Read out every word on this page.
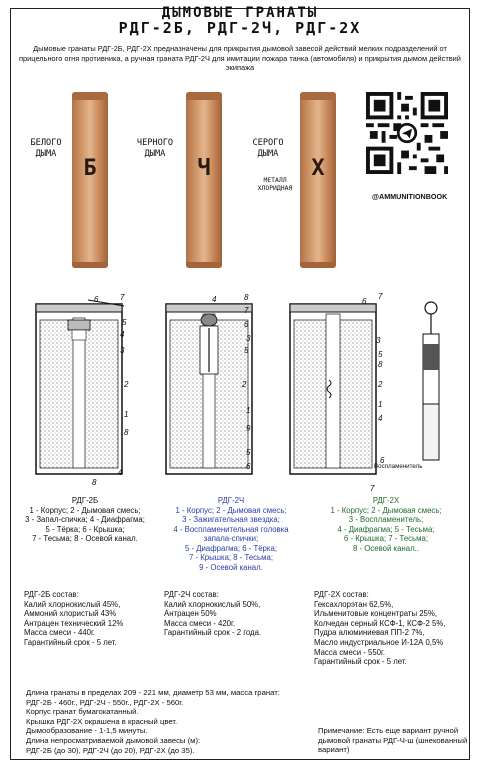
ДЫМОВЫЕ ГРАНАТЫ
РДГ-2Б, РДГ-2Ч, РДГ-2Х
Дымовые гранаты РДГ-2Б, РДГ-2Х предназначены для прикрытия дымовой завесой действий мелких подразделений от прицельного огня противника, а ручная граната РДГ-2Ч для имитации пожара танка (автомобиля) и прикрытия дымом действий экипажа
БЕЛОГО
ДЫМА
Б
ЧЕРНОГО
ДЫМА
Ч
СЕРОГО
ДЫМА
МЕТАЛЛ
ХЛОРИДНАЯ
Х
@AMMUNITIONBOOK
Воспламенитель
РДГ-2Б
1 - Корпус; 2 - Дымовая смесь;
3 - Запал-спичка; 4 - Диафрагма;
5 - Тёрка; 6 - Крышка;
7 - Тесьма; 8 - Осевой канал.
РДГ-2Ч
1 - Корпус; 2 - Дымовая смесь;
3 - Зажигательная звездка;
4 - Воспламенительная головка
запала-спички;
5 - Диафрагма; 6 - Тёрка;
7 - Крышка; 8 - Тесьма;
9 - Осевой канал.
РДГ-2Х
1 - Корпус; 2 - Дымовая смесь;
3 - Воспламенитель;
4 - Диафрагма; 5 - Тесьма;
6 - Крышка; 7 - Тесьма;
8 - Осевой канал..
РДГ-2Б состав:
Калий хлорнокислый 45%,
Аммоний хлористый 43%
Антрацен технический 12%
Масса смеси - 440г.
Гарантийный срок - 5 лет.
РДГ-2Ч состав:
Калий хлорнокислый 50%,
Антрацен 50%
Масса смеси - 420г.
Гарантийный срок - 2 года.
РДГ-2Х состав:
Гексахлорэтан 62,5%,
Ильменитовые концентраты 25%,
Колчедан серный КСФ-1, КСФ-2 5%,
Пудра алюминиевая ПП-2 7%,
Масло индустриальное И-12А 0,5%
Масса смеси - 550г.
Гарантийный срок - 5 лет.
Длина гранаты в пределах 209 - 221 мм, диаметр 53 мм, масса гранат:
РДГ-2Б - 460г., РДГ-2Ч - 550г., РДГ-2Х - 560г.
Корпус гранат бумагокатанный.
Крышка РДГ-2Х окрашена в красный цвет.
Дымообразование - 1-1,5 минуты.
Длина непросматриваемой дымовой завесы (м):
РДГ-2Б (до 30), РДГ-2Ч (до 20), РДГ-2Х (до 35).
Примечание: Есть еще вариант ручной
дымовой гранаты РДГ-Ч-ш (шнекованный вариант)
6	7
5
4
3
2
1
8
4
8
4	8
7
6
3
5
1
9
2
5
6
6
7
3
5
8
2
1
4
6
7
